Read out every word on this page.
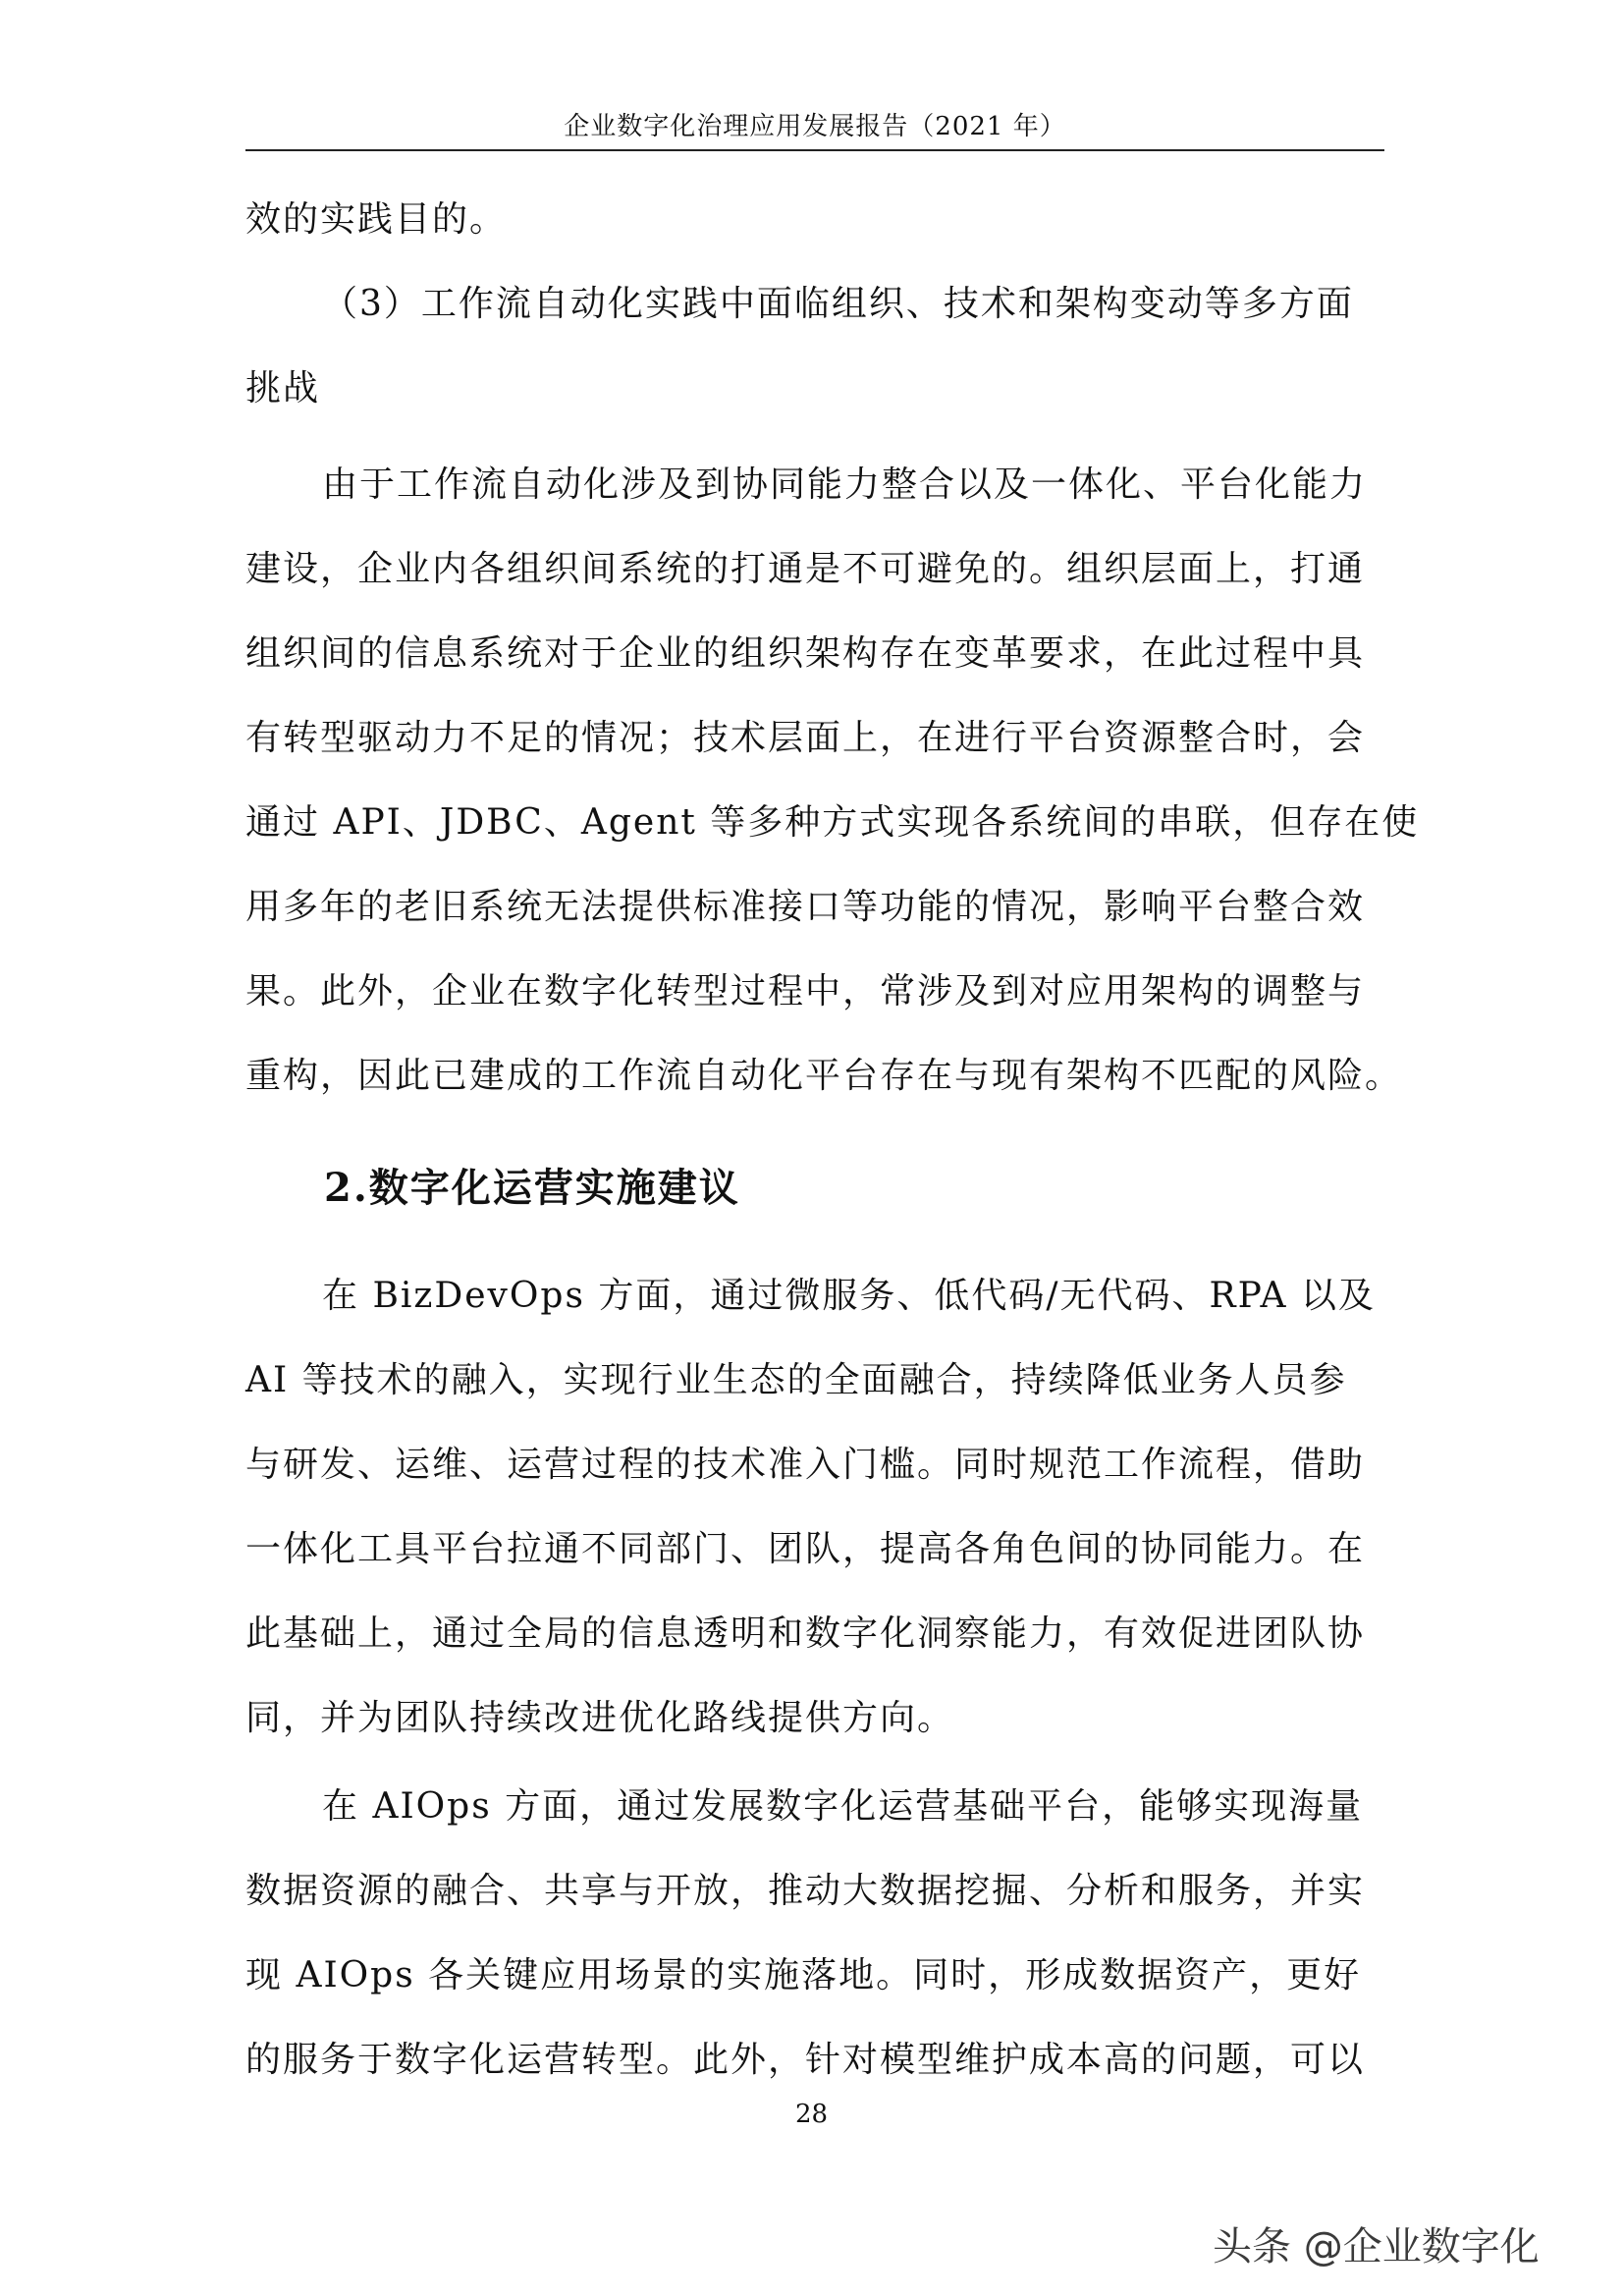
企业数字化治理应用发展报告（2021 年）
效的实践目的。
（3）工作流自动化实践中面临组织、技术和架构变动等多方面
挑战
由于工作流自动化涉及到协同能力整合以及一体化、平台化能力
建设，企业内各组织间系统的打通是不可避免的。组织层面上，打通
组织间的信息系统对于企业的组织架构存在变革要求，在此过程中具
有转型驱动力不足的情况；技术层面上，在进行平台资源整合时，会
通过 API、JDBC、Agent 等多种方式实现各系统间的串联，但存在使
用多年的老旧系统无法提供标准接口等功能的情况，影响平台整合效
果。此外，企业在数字化转型过程中，常涉及到对应用架构的调整与
重构，因此已建成的工作流自动化平台存在与现有架构不匹配的风险。
2.数字化运营实施建议
在 BizDevOps 方面，通过微服务、低代码/无代码、RPA 以及
AI 等技术的融入，实现行业生态的全面融合，持续降低业务人员参
与研发、运维、运营过程的技术准入门槛。同时规范工作流程，借助
一体化工具平台拉通不同部门、团队，提高各角色间的协同能力。在
此基础上，通过全局的信息透明和数字化洞察能力，有效促进团队协
同，并为团队持续改进优化路线提供方向。
在 AIOps 方面，通过发展数字化运营基础平台，能够实现海量
数据资源的融合、共享与开放，推动大数据挖掘、分析和服务，并实
现 AIOps 各关键应用场景的实施落地。同时，形成数据资产，更好
的服务于数字化运营转型。此外，针对模型维护成本高的问题，可以
28
头条 @企业数字化
